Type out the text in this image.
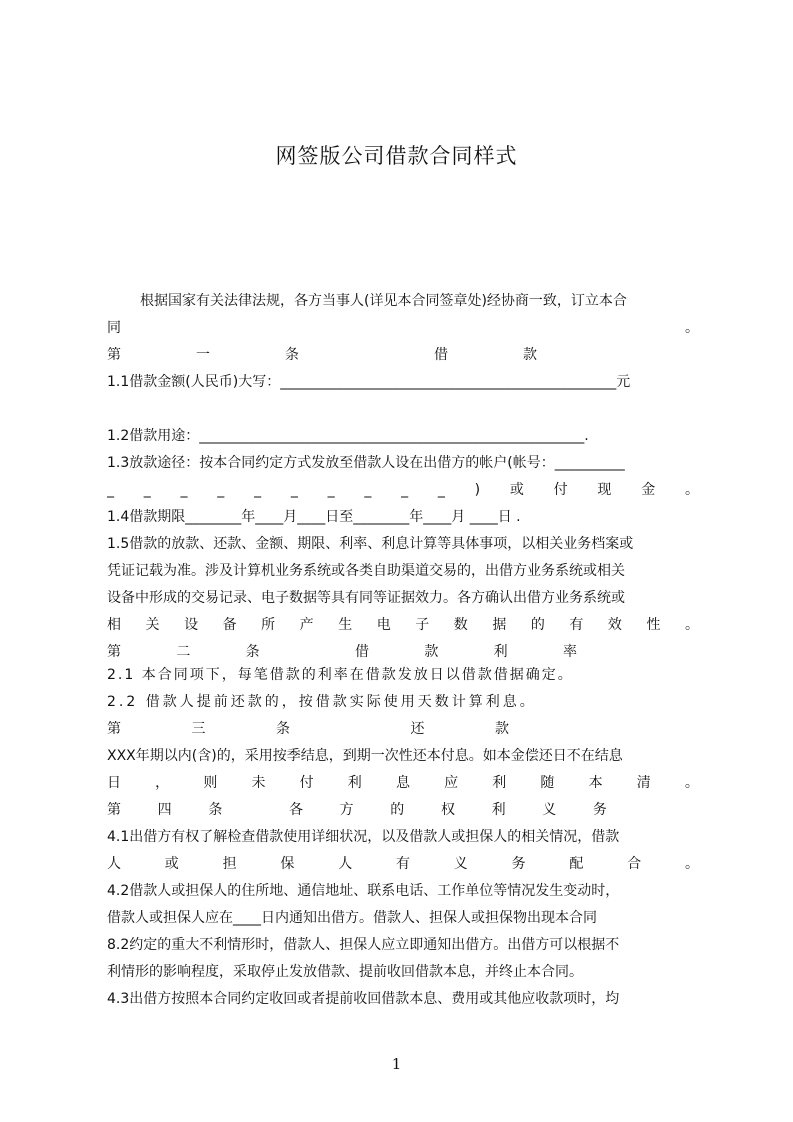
网签版公司借款合同样式
根据国家有关法律法规，各方当事人(详见本合同签章处)经协商一致，订立本合
同	。
第	一	条	借	款
1.1借款金额(人民币)大写：________________________________________________元
1.2借款用途：_______________________________________________________.
1.3放款途径：按本合同约定方式发放至借款人设在出借方的帐户(帐号：__________
_ _ _ _ _ _ _ _ _ _ ) 或 付 现 金 。
1.4借款期限________年____月____日至________年____月 ____日 .
1.5借款的放款、还款、金额、期限、利率、利息计算等具体事项，以相关业务档案或
凭证记载为准。涉及计算机业务系统或各类自助渠道交易的，出借方业务系统或相关
设备中形成的交易记录、电子数据等具有同等证据效力。各方确认出借方业务系统或
相 关 设 备 所 产 生 电 子 数 据 的 有 效 性 。
第	二	条	借	款	利	率
2.1 本合同项下，每笔借款的利率在借款发放日以借款借据确定。
2.2 借款人提前还款的，按借款实际使用天数计算利息。
第	三	条	还	款
XXX年期以内(含)的，采用按季结息，到期一次性还本付息。如本金偿还日不在结息
日 ， 则 未 付 利 息 应 利 随 本 清 。
第	四	条	各	方	的	权	利	义	务
4.1出借方有权了解检查借款使用详细状况，以及借款人或担保人的相关情况，借款
人	或	担	保	人	有	义	务	配	合	。
4.2借款人或担保人的住所地、通信地址、联系电话、工作单位等情况发生变动时，
借款人或担保人应在____日内通知出借方。借款人、担保人或担保物出现本合同
8.2约定的重大不利情形时，借款人、担保人应立即通知出借方。出借方可以根据不
利情形的影响程度，采取停止发放借款、提前收回借款本息，并终止本合同。
4.3出借方按照本合同约定收回或者提前收回借款本息、费用或其他应收款项时，均
1
